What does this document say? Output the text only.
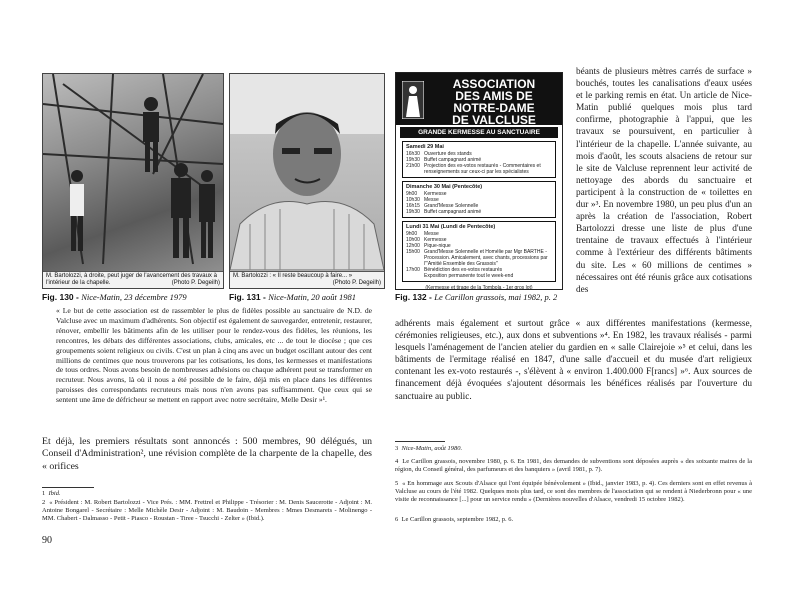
M. Bartolozzi, à droite, peut juger de l'avancement des travaux à l'intérieur de la chapelle.	(Photo P. Degeilh)
M. Bartolozzi : « Il reste beaucoup à faire... »
(Photo P. Degeilh)
ASSOCIATION
DES AMIS DE
NOTRE-DAME
DE VALCLUSE
GRANDE KERMESSE AU SANCTUAIRE
Samedi 29 Mai
16h30 Ouverture des stands
19h30 Buffet campagnard animé
21h00 Projection des ex-votos restaurés - Commentaires et renseignements sur ceux-ci par les spécialistes
Dimanche 30 Mai (Pentecôte)
9h00	Kermesse
10h30 Messe
16h15 Grand'Messe Solennelle
19h30 Buffet campagnard animé
Lundi 31 Mai (Lundi de Pentecôte)
9h00	Messe
10h00 Kermesse
12h00 Pique-nique
15h00 Grand'Messe Solennelle et Homélie par Mgr BARTHE - Procession. Amicalement, avec chants, processions par l'"Amitié Ensemble des Grassois"
17h00 Bénédiction des ex-votos restaurés
Exposition permanente tout le week-end
(Kermesse et tirage de la Tombola - 1er gros lot)
Fig. 130 - Nice-Matin, 23 décembre 1979	Fig. 131 - Nice-Matin, 20 août 1981	Fig. 132 - Le Carillon grassois, mai 1982, p. 2
béants de plusieurs mètres carrés de surface » bouchés, toutes les canalisations d'eaux usées et le parking remis en état. Un article de Nice-Matin publié quelques mois plus tard confirme, photographie à l'appui, que les travaux se poursuivent, en particulier à l'intérieur de la chapelle. L'année suivante, au mois d'août, les scouts alsaciens de retour sur le site de Valcluse reprennent leur activité de nettoyage des abords du sanctuaire et participent à la construction de « toilettes en dur »³. En novembre 1980, un peu plus d'un an après la création de l'association, Robert Bartolozzi dresse une liste de plus d'une trentaine de travaux effectués à l'intérieur comme à l'extérieur des différents bâtiments du site. Les « 60 millions de centimes » nécessaires ont été réunis grâce aux cotisations des
adhérents mais également et surtout grâce « aux différentes manifestations (kermesse, cérémonies religieuses, etc.), aux dons et subventions »⁴. En 1982, les travaux réalisés - parmi lesquels l'aménagement de l'ancien atelier du gardien en « salle Clairejoie »⁵ et celui, dans les bâtiments de l'ermitage réalisé en 1847, d'une salle d'accueil et du musée d'art religieux contenant les ex-voto restaurés -, s'élèvent à « environ 1.400.000 F[rancs] »⁶. Aux sources de financement déjà évoquées s'ajoutent désormais les bénéfices réalisés par l'ouverture du sanctuaire au public.
« Le but de cette association est de rassembler le plus de fidèles possible au sanctuaire de N.D. de Valcluse avec un maximum d'adhérents. Son objectif est également de sauvegarder, entretenir, restaurer, rénover, embellir les bâtiments afin de les utiliser pour le rendez-vous des fidèles, les réunions, les rencontres, les débats des différentes associations, clubs, amicales, etc ... de tout le diocèse ; que ces groupements soient religieux ou civils. C'est un plan à cinq ans avec un budget oscillant autour des cent millions de centimes que nous trouverons par les cotisations, les dons, les kermesses et manifestations de tous ordres. Nous avons besoin de nombreuses adhésions ou chaque adhérent peut se transformer en recruteur. Nous avons, là où il nous a été possible de le faire, déjà mis en place dans les différentes paroisses des correspondants recruteurs mais nous n'en avons pas suffisamment. Que ceux qui se sentent une âme de défricheur se mettent en rapport avec notre secrétaire, Melle Desir »¹.
Et déjà, les premiers résultats sont annoncés : 500 membres, 90 délégués, un Conseil d'Administration², une révision complète de la charpente de la chapelle, des « orifices
1 Ibid.
2 « Président : M. Robert Bartolozzi - Vice Prés. : MM. Frettrel et Philippe - Trésorier : M. Denis Saucerotte - Adjoint : M. Antoine Bongarel - Secrétaire : Melle Michèle Desir - Adjoint : M. Baudoin - Membres : Mmes Desmarets - Molinengo - MM. Chabert - Dalmasso - Petit - Piasco - Roustan - Tiree - Tsucchi - Zelter » (Ibid.).
3 Nice-Matin, août 1980.
4 Le Carillon grassois, novembre 1980, p. 6. En 1981, des demandes de subventions sont déposées auprès « des soixante maires de la région, du Conseil général, des parfumeurs et des banquiers » (avril 1981, p. 7).
5 « En hommage aux Scouts d'Alsace qui l'ont équipée bénévolement » (Ibid., janvier 1983, p. 4). Ces derniers sont en effet revenus à Valcluse au cours de l'été 1982. Quelques mois plus tard, ce sont des membres de l'association qui se rendent à Niederbronn pour « une visite de reconnaissance [...] pour un service rendu » (Dernières nouvelles d'Alsace, vendredi 15 octobre 1982).
6 Le Carillon grassois, septembre 1982, p. 6.
90
